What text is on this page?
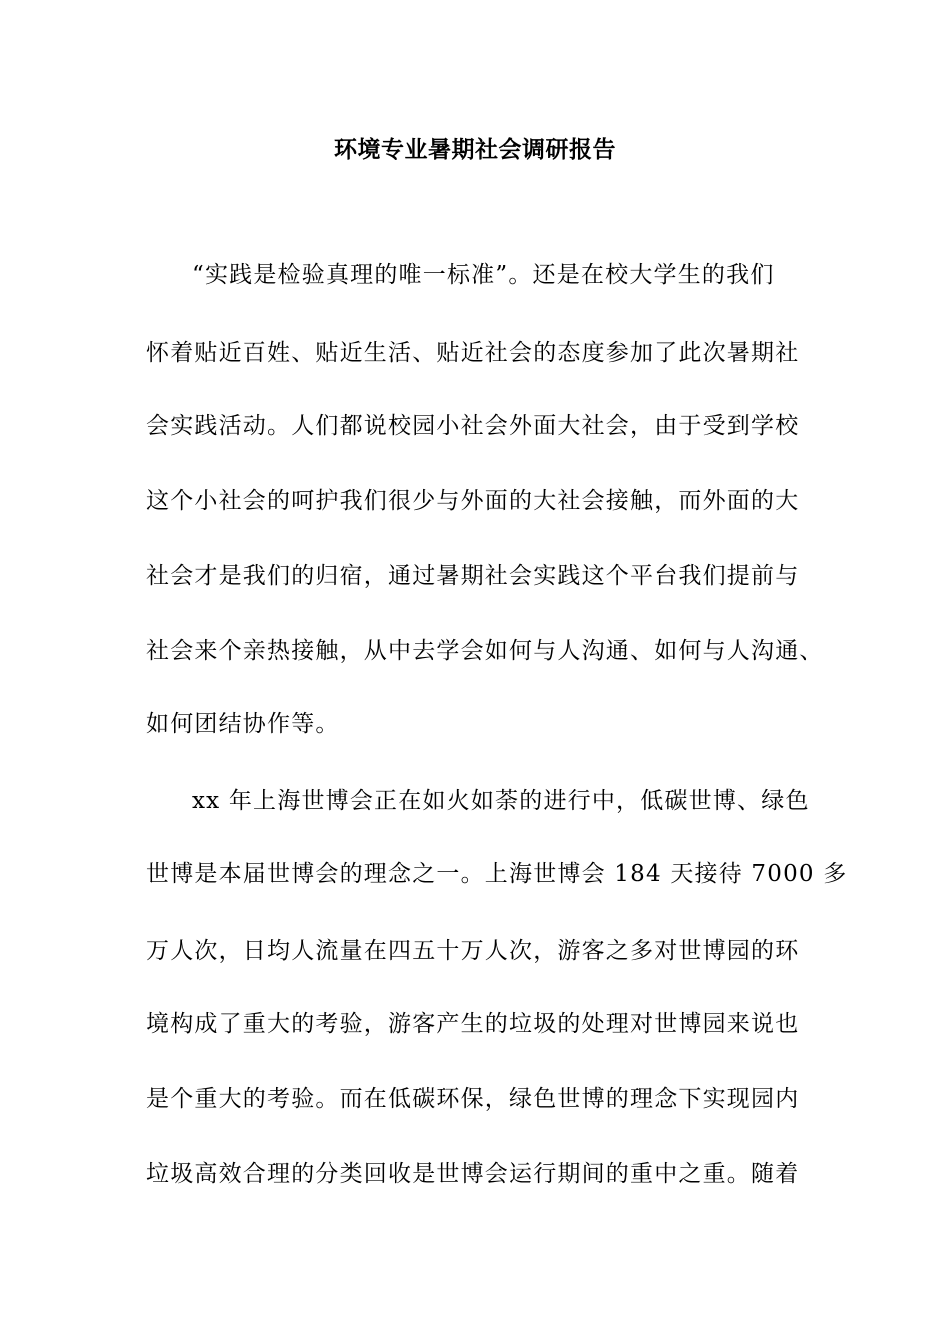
环境专业暑期社会调研报告
“实践是检验真理的唯一标准”。还是在校大学生的我们
怀着贴近百姓、贴近生活、贴近社会的态度参加了此次暑期社
会实践活动。人们都说校园小社会外面大社会，由于受到学校
这个小社会的呵护我们很少与外面的大社会接触，而外面的大
社会才是我们的归宿，通过暑期社会实践这个平台我们提前与
社会来个亲热接触，从中去学会如何与人沟通、如何与人沟通、
如何团结协作等。
xx 年上海世博会正在如火如荼的进行中，低碳世博、绿色
世博是本届世博会的理念之一。上海世博会 184 天接待 7000 多
万人次，日均人流量在四五十万人次，游客之多对世博园的环
境构成了重大的考验，游客产生的垃圾的处理对世博园来说也
是个重大的考验。而在低碳环保，绿色世博的理念下实现园内
垃圾高效合理的分类回收是世博会运行期间的重中之重。随着
